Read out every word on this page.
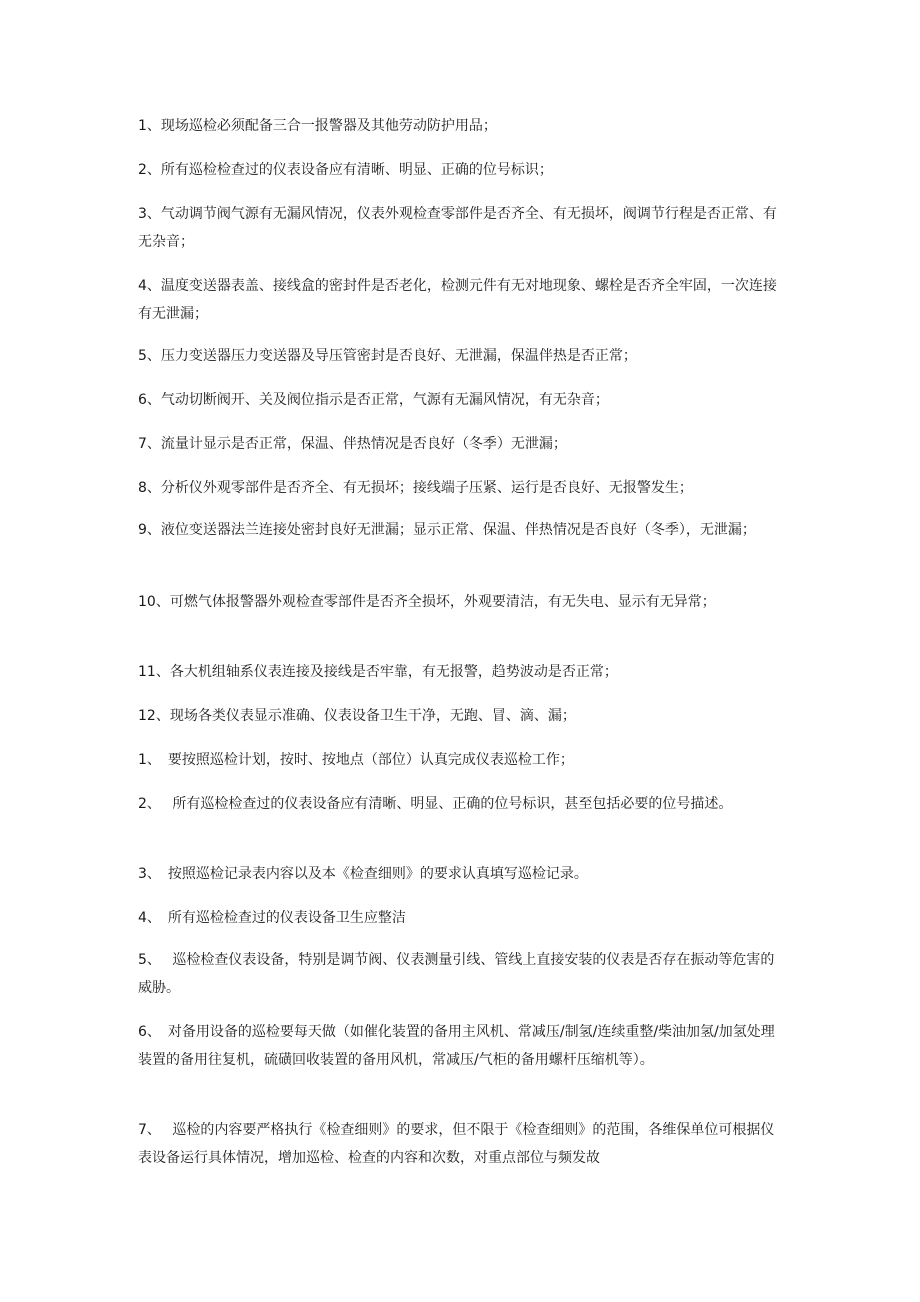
1、现场巡检必须配备三合一报警器及其他劳动防护用品；

2、所有巡检检查过的仪表设备应有清晰、明显、正确的位号标识；

3、气动调节阀气源有无漏风情况，仪表外观检查零部件是否齐全、有无损坏，阀调节行程是否正常、有无杂音；

4、温度变送器表盖、接线盒的密封件是否老化，检测元件有无对地现象、螺栓是否齐全牢固，一次连接有无泄漏；

5、压力变送器压力变送器及导压管密封是否良好、无泄漏，保温伴热是否正常；

6、气动切断阀开、关及阀位指示是否正常，气源有无漏风情况，有无杂音；

7、流量计显示是否正常，保温、伴热情况是否良好（冬季）无泄漏；

8、分析仪外观零部件是否齐全、有无损坏；接线端子压紧、运行是否良好、无报警发生；

9、液位变送器法兰连接处密封良好无泄漏；显示正常、保温、伴热情况是否良好（冬季），无泄漏；

10、可燃气体报警器外观检查零部件是否齐全损坏，外观要清洁，有无失电、显示有无异常；

11、各大机组轴系仪表连接及接线是否牢靠，有无报警，趋势波动是否正常；

12、现场各类仪表显示准确、仪表设备卫生干净，无跑、冒、滴、漏；

1、　要按照巡检计划，按时、按地点（部位）认真完成仪表巡检工作；

2、　 所有巡检检查过的仪表设备应有清晰、明显、正确的位号标识，甚至包括必要的位号描述。

3、　按照巡检记录表内容以及本《检查细则》的要求认真填写巡检记录。

4、　所有巡检检查过的仪表设备卫生应整洁

5、　 巡检检查仪表设备，特别是调节阀、仪表测量引线、管线上直接安装的仪表是否存在振动等危害的威胁。

6、　对备用设备的巡检要每天做（如催化装置的备用主风机、常减压/制氢/连续重整/柴油加氢/加氢处理装置的备用往复机，硫磺回收装置的备用风机，常减压/气柜的备用螺杆压缩机等）。

7、　 巡检的内容要严格执行《检查细则》的要求，但不限于《检查细则》的范围，各维保单位可根据仪表设备运行具体情况，增加巡检、检查的内容和次数，对重点部位与频发故
